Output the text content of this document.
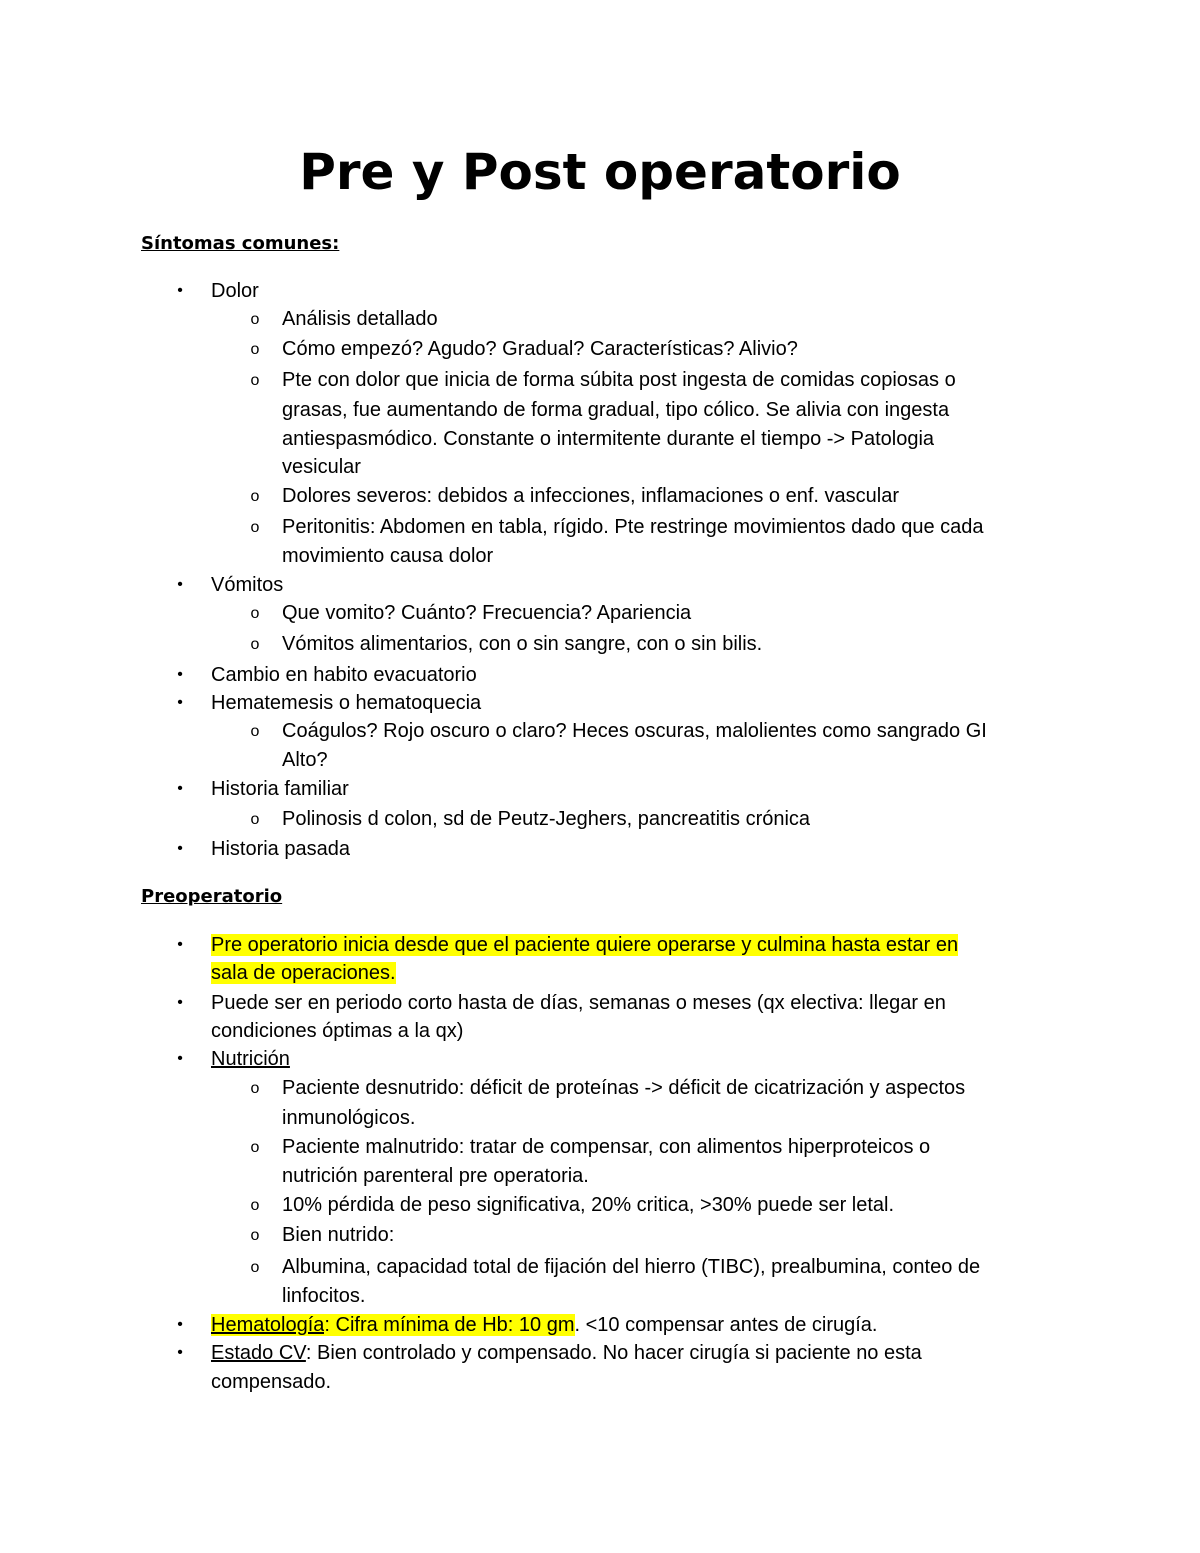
Pre y Post operatorio
Síntomas comunes:
• Dolor
o Análisis detallado
o Cómo empezó? Agudo? Gradual? Características? Alivio?
o Pte con dolor que inicia de forma súbita post ingesta de comidas copiosas o
grasas, fue aumentando de forma gradual, tipo cólico. Se alivia con ingesta
antiespasmódico. Constante o intermitente durante el tiempo -> Patologia
vesicular
o Dolores severos: debidos a infecciones, inflamaciones o enf. vascular
o Peritonitis: Abdomen en tabla, rígido. Pte restringe movimientos dado que cada
movimiento causa dolor
• Vómitos
o Que vomito? Cuánto? Frecuencia? Apariencia
o Vómitos alimentarios, con o sin sangre, con o sin bilis.
• Cambio en habito evacuatorio
• Hematemesis o hematoquecia
o Coágulos? Rojo oscuro o claro? Heces oscuras, malolientes como sangrado GI
Alto?
• Historia familiar
o Polinosis d colon, sd de Peutz-Jeghers, pancreatitis crónica
• Historia pasada
Preoperatorio
• Pre operatorio inicia desde que el paciente quiere operarse y culmina hasta estar en
sala de operaciones.
• Puede ser en periodo corto hasta de días, semanas o meses (qx electiva: llegar en
condiciones óptimas a la qx)
• Nutrición
o Paciente desnutrido: déficit de proteínas -> déficit de cicatrización y aspectos
inmunológicos.
o Paciente malnutrido: tratar de compensar, con alimentos hiperproteicos o
nutrición parenteral pre operatoria.
o 10% pérdida de peso significativa, 20% critica, >30% puede ser letal.
o Bien nutrido:
o Albumina, capacidad total de fijación del hierro (TIBC), prealbumina, conteo de
linfocitos.
• Hematología: Cifra mínima de Hb: 10 gm. <10 compensar antes de cirugía.
• Estado CV: Bien controlado y compensado. No hacer cirugía si paciente no esta
compensado.
